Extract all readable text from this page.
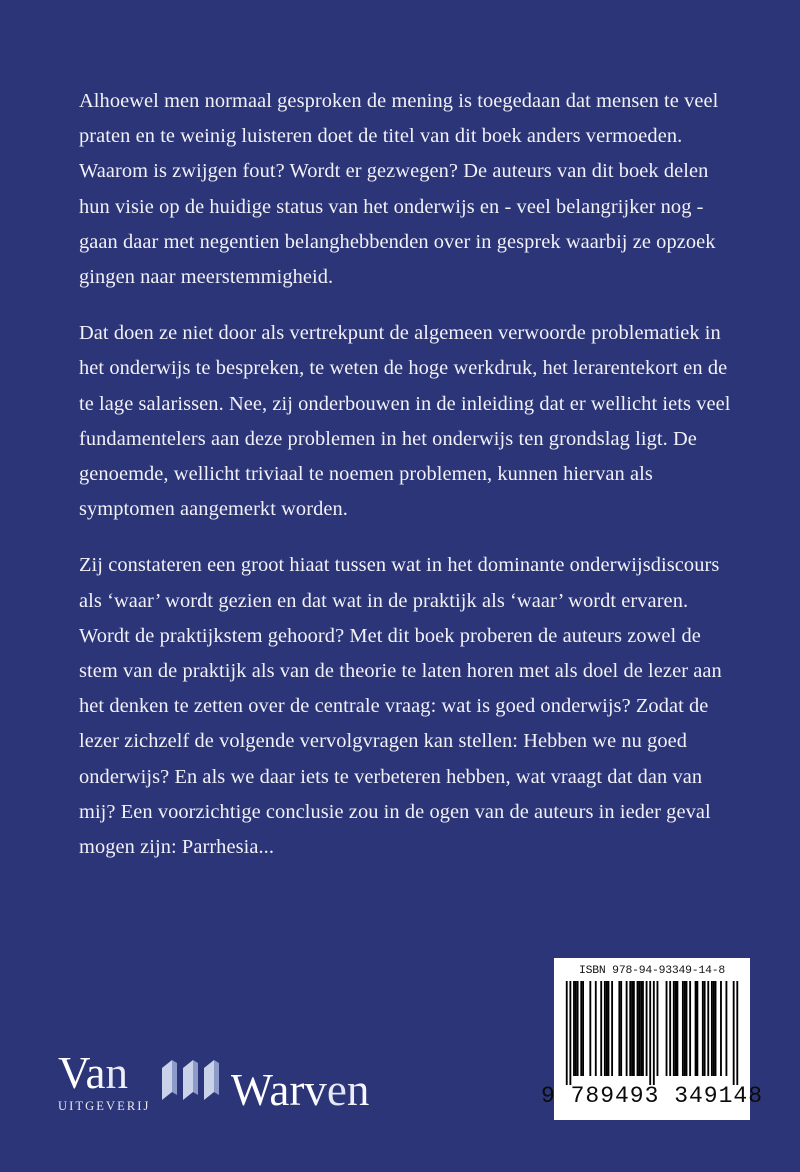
Alhoewel men normaal gesproken de mening is toegedaan dat mensen te veel praten en te weinig luisteren doet de titel van dit boek anders vermoeden. Waarom is zwijgen fout? Wordt er gezwegen? De auteurs van dit boek delen hun visie op de huidige status van het onderwijs en - veel belangrijker nog - gaan daar met negentien belanghebbenden over in gesprek waarbij ze opzoek gingen naar meerstemmigheid.

Dat doen ze niet door als vertrekpunt de algemeen verwoorde problematiek in het onderwijs te bespreken, te weten de hoge werkdruk, het lerarentekort en de te lage salarissen. Nee, zij onderbouwen in de inleiding dat er wellicht iets veel fundamentelers aan deze problemen in het onderwijs ten grondslag ligt. De genoemde, wellicht triviaal te noemen problemen, kunnen hiervan als symptomen aangemerkt worden.

Zij constateren een groot hiaat tussen wat in het dominante onderwijsdiscours als ‘waar’ wordt gezien en dat wat in de praktijk als ‘waar’ wordt ervaren. Wordt de praktijkstem gehoord? Met dit boek proberen de auteurs zowel de stem van de praktijk als van de theorie te laten horen met als doel de lezer aan het denken te zetten over de centrale vraag: wat is goed onderwijs? Zodat de lezer zichzelf de volgende vervolgvragen kan stellen: Hebben we nu goed onderwijs? En als we daar iets te verbeteren hebben, wat vraagt dat dan van mij? Een voorzichtige conclusie zou in de ogen van de auteurs in ieder geval mogen zijn: Parrhesia...

Van
UITGEVERIJ Warven
ISBN 978-94-93349-14-8
9 789493 349148
